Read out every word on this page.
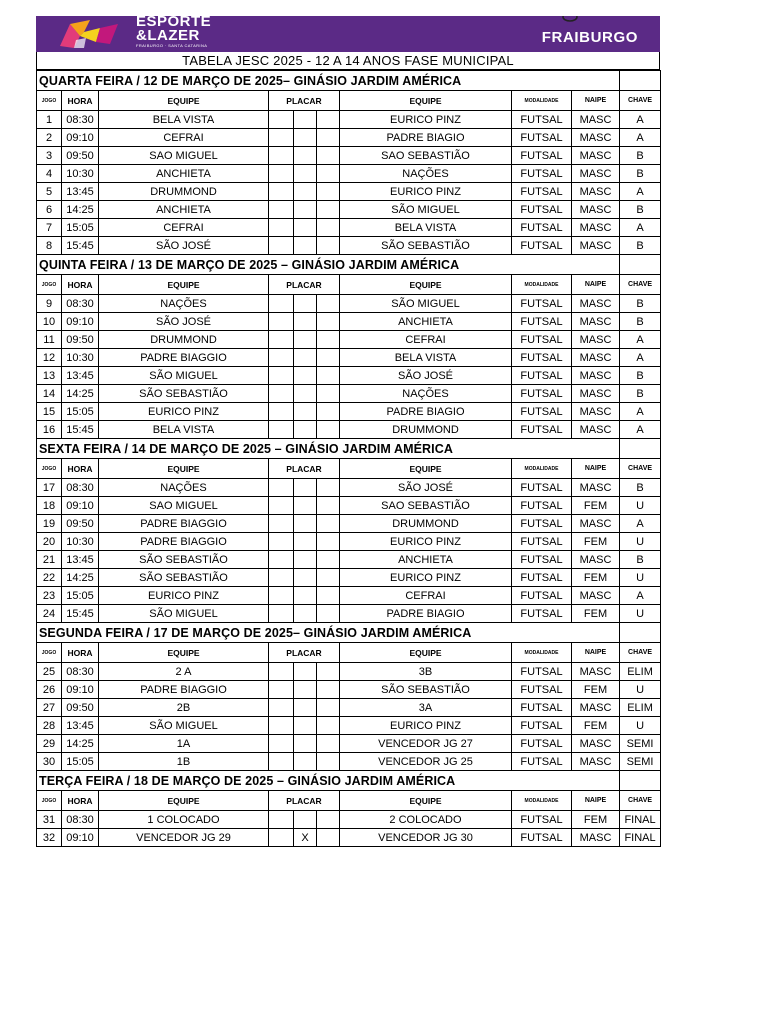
ESPORTE
&LAZER
FRAIBURGO · SANTA CATARINA	FRAIBURGO
TABELA JESC 2025 - 12 A 14 ANOS FASE MUNICIPAL
QUARTA FEIRA / 12 DE MARÇO DE 2025– GINÁSIO JARDIM AMÉRICA									
JOGO	HORA	EQUIPE	PLACAR			EQUIPE	MODALIDADE	NAIPE	CHAVE
1	08:30	BELA VISTA				EURICO PINZ	FUTSAL	MASC	A
2	09:10	CEFRAI				PADRE BIAGIO	FUTSAL	MASC	A
3	09:50	SAO MIGUEL				SAO SEBASTIÃO	FUTSAL	MASC	B
4	10:30	ANCHIETA				NAÇÕES	FUTSAL	MASC	B
5	13:45	DRUMMOND				EURICO PINZ	FUTSAL	MASC	A
6	14:25	ANCHIETA				SÃO MIGUEL	FUTSAL	MASC	B
7	15:05	CEFRAI				BELA VISTA	FUTSAL	MASC	A
8	15:45	SÃO JOSÉ				SÃO SEBASTIÃO	FUTSAL	MASC	B
QUINTA FEIRA / 13 DE MARÇO DE 2025 – GINÁSIO JARDIM AMÉRICA									
JOGO	HORA	EQUIPE	PLACAR			EQUIPE	MODALIDADE	NAIPE	CHAVE
9	08:30	NAÇÕES				SÃO MIGUEL	FUTSAL	MASC	B
10	09:10	SÃO JOSÉ				ANCHIETA	FUTSAL	MASC	B
11	09:50	DRUMMOND				CEFRAI	FUTSAL	MASC	A
12	10:30	PADRE BIAGGIO				BELA VISTA	FUTSAL	MASC	A
13	13:45	SÃO MIGUEL				SÃO JOSÉ	FUTSAL	MASC	B
14	14:25	SÃO SEBASTIÃO				NAÇÕES	FUTSAL	MASC	B
15	15:05	EURICO PINZ				PADRE BIAGIO	FUTSAL	MASC	A
16	15:45	BELA VISTA				DRUMMOND	FUTSAL	MASC	A
SEXTA FEIRA / 14 DE MARÇO DE 2025 – GINÁSIO JARDIM AMÉRICA									
JOGO	HORA	EQUIPE	PLACAR			EQUIPE	MODALIDADE	NAIPE	CHAVE
17	08:30	NAÇÕES				SÃO JOSÉ	FUTSAL	MASC	B
18	09:10	SAO MIGUEL				SAO SEBASTIÃO	FUTSAL	FEM	U
19	09:50	PADRE BIAGGIO				DRUMMOND	FUTSAL	MASC	A
20	10:30	PADRE BIAGGIO				EURICO PINZ	FUTSAL	FEM	U
21	13:45	SÃO SEBASTIÃO				ANCHIETA	FUTSAL	MASC	B
22	14:25	SÃO SEBASTIÃO				EURICO PINZ	FUTSAL	FEM	U
23	15:05	EURICO PINZ				CEFRAI	FUTSAL	MASC	A
24	15:45	SÃO MIGUEL				PADRE BIAGIO	FUTSAL	FEM	U
SEGUNDA FEIRA / 17 DE MARÇO DE 2025– GINÁSIO JARDIM AMÉRICA									
JOGO	HORA	EQUIPE	PLACAR			EQUIPE	MODALIDADE	NAIPE	CHAVE
25	08:30	2 A				3B	FUTSAL	MASC	ELIM
26	09:10	PADRE BIAGGIO				SÃO SEBASTIÃO	FUTSAL	FEM	U
27	09:50	2B				3A	FUTSAL	MASC	ELIM
28	13:45	SÃO MIGUEL				EURICO PINZ	FUTSAL	FEM	U
29	14:25	1A				VENCEDOR JG 27	FUTSAL	MASC	SEMI
30	15:05	1B				VENCEDOR JG 25	FUTSAL	MASC	SEMI
TERÇA FEIRA / 18 DE MARÇO DE 2025 – GINÁSIO JARDIM AMÉRICA									
JOGO	HORA	EQUIPE	PLACAR			EQUIPE	MODALIDADE	NAIPE	CHAVE
31	08:30	1 COLOCADO				2 COLOCADO	FUTSAL	FEM	FINAL
32	09:10	VENCEDOR JG 29		X		VENCEDOR JG 30	FUTSAL	MASC	FINAL
